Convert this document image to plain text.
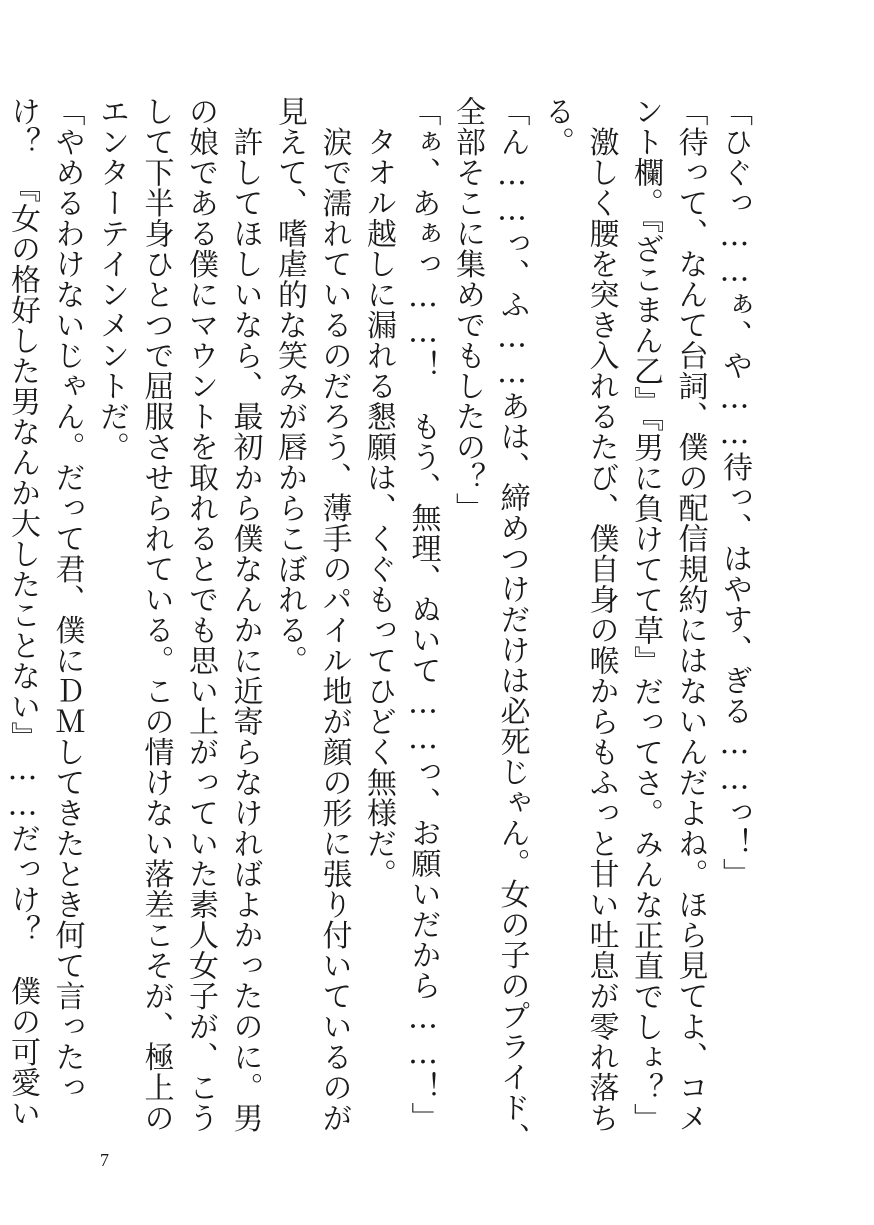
「ひぐっ……ぁ、や……待っ、はやす、ぎる……っ！」
「待って、なんて台詞、僕の配信規約にはないんだよね。ほら見てよ、コメ
ント欄。『ざこまん乙』『男に負けてて草』だってさ。みんな正直でしょ？」
　激しく腰を突き入れるたび、僕自身の喉からもふっと甘い吐息が零れ落ち
る。
「ん……っ、ふ……あは、締めつけだけは必死じゃん。女の子のプライド、
全部そこに集めでもしたの？」
「ぁ、あぁっ……！　もう、無理、ぬいて……っ、お願いだから……！」
　タオル越しに漏れる懇願は、くぐもってひどく無様だ。
　涙で濡れているのだろう、薄手のパイル地が顔の形に張り付いているのが
見えて、嗜虐的な笑みが唇からこぼれる。
　許してほしいなら、最初から僕なんかに近寄らなければよかったのに。男
の娘である僕にマウントを取れるとでも思い上がっていた素人女子が、こう
して下半身ひとつで屈服させられている。この情けない落差こそが、極上の
エンターテインメントだ。
「やめるわけないじゃん。だって君、僕にＤＭしてきたとき何て言ったっ
け？　『女の格好した男なんか大したことない』……だっけ？　僕の可愛い
7
